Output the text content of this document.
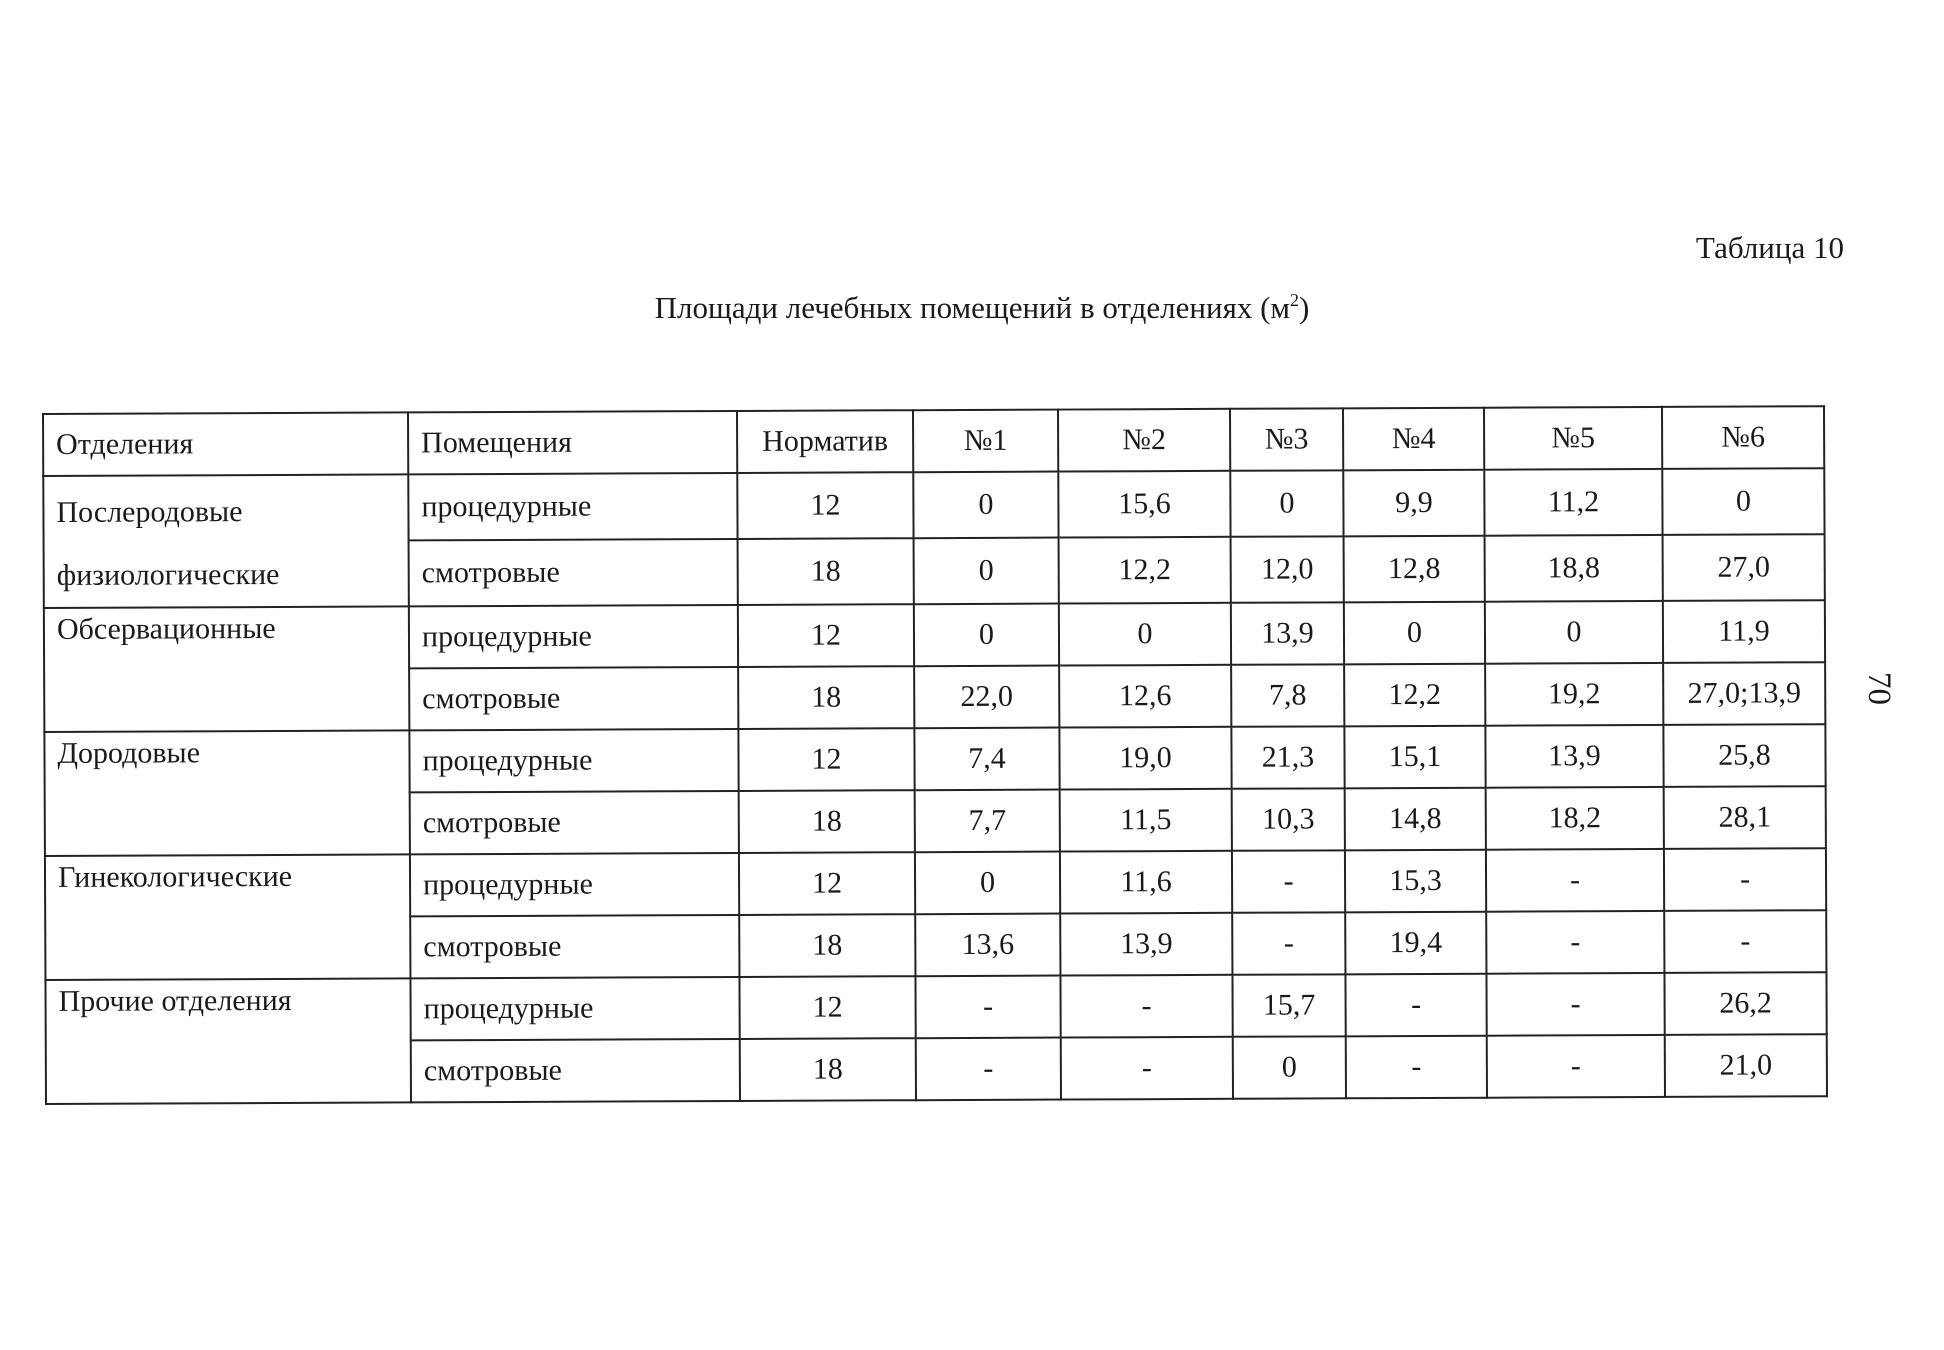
Таблица 10
Площади лечебных помещений в отделениях $(м^2)$
70
Отделения	Помещения	Норматив	№1	№2	№3	№4	№5	№6
Послеродовые
физиологические	процедурные	12	0	15,6	0	9,9	11,2	0
	смотровые	18	0	12,2	12,0	12,8	18,8	27,0
Обсервационные	процедурные	12	0	0	13,9	0	0	11,9
	смотровые	18	22,0	12,6	7,8	12,2	19,2	27,0;13,9
Дородовые	процедурные	12	7,4	19,0	21,3	15,1	13,9	25,8
	смотровые	18	7,7	11,5	10,3	14,8	18,2	28,1
Гинекологические	процедурные	12	0	11,6	-	15,3	-	-
	смотровые	18	13,6	13,9	-	19,4	-	-
Прочие отделения	процедурные	12	-	-	15,7	-	-	26,2
	смотровые	18	-	-	0	-	-	21,0
